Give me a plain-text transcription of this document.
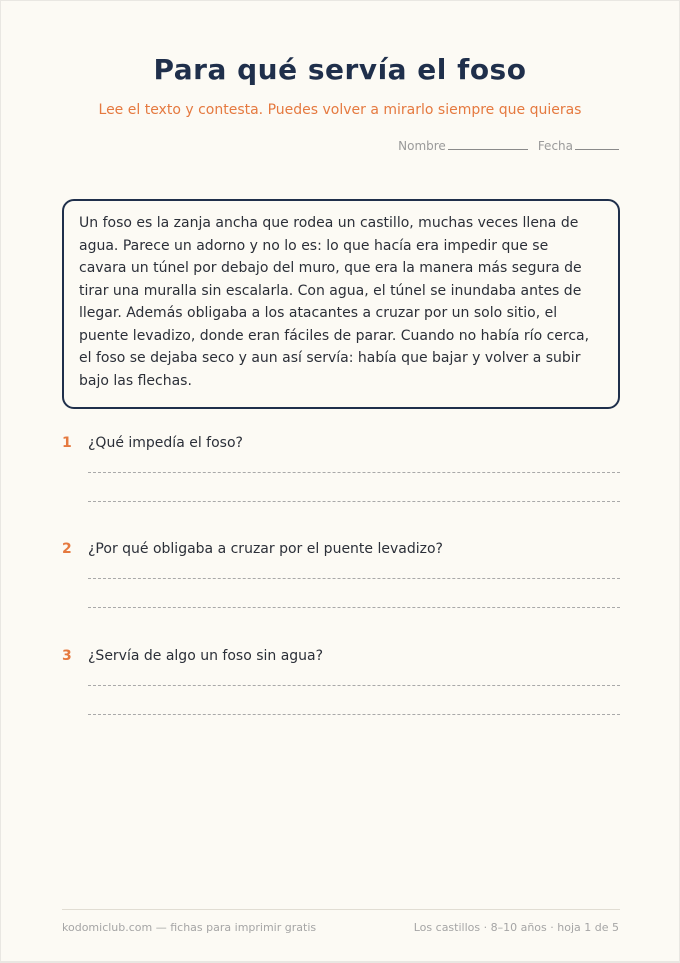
Para qué servía el foso
Lee el texto y contesta. Puedes volver a mirarlo siempre que quieras
Nombre	Fecha
Un foso es la zanja ancha que rodea un castillo, muchas veces llena de
agua. Parece un adorno y no lo es: lo que hacía era impedir que se
cavara un túnel por debajo del muro, que era la manera más segura de
tirar una muralla sin escalarla. Con agua, el túnel se inundaba antes de
llegar. Además obligaba a los atacantes a cruzar por un solo sitio, el
puente levadizo, donde eran fáciles de parar. Cuando no había río cerca,
el foso se dejaba seco y aun así servía: había que bajar y volver a subir
bajo las flechas.
1 ¿Qué impedía el foso?
2 ¿Por qué obligaba a cruzar por el puente levadizo?
3 ¿Servía de algo un foso sin agua?
kodomiclub.com — fichas para imprimir gratis	Los castillos · 8–10 años · hoja 1 de 5
